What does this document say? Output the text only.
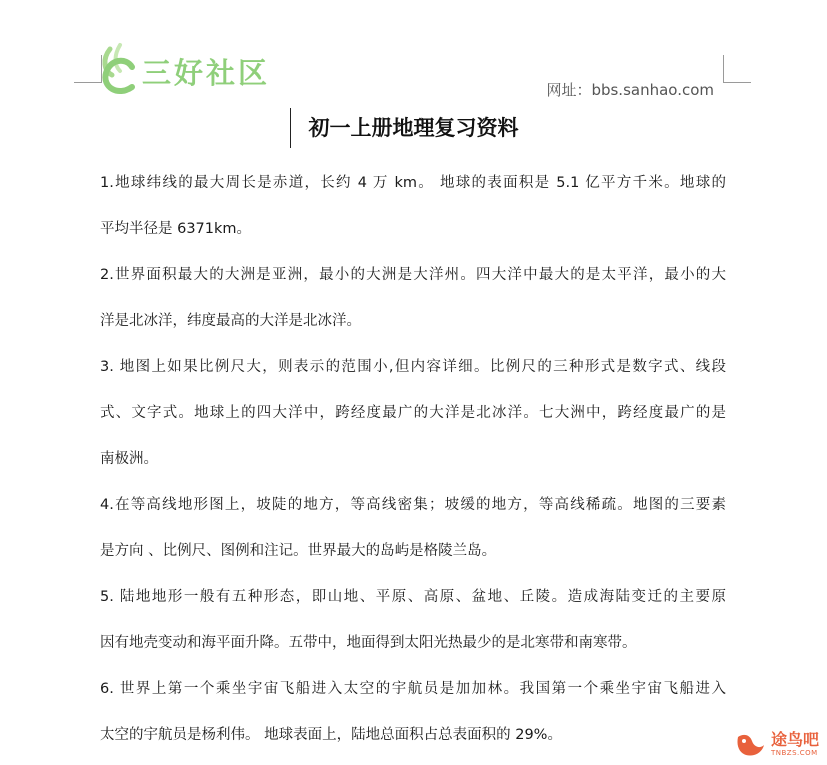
三好社区
网址：bbs.sanhao.com
初一上册地理复习资料

1.地球纬线的最大周长是赤道，长约 4 万 km。 地球的表面积是 5.1 亿平方千米。地球的

平均半径是 6371km。

2.世界面积最大的大洲是亚洲，最小的大洲是大洋州。四大洋中最大的是太平洋，最小的大

洋是北冰洋，纬度最高的大洋是北冰洋。

3. 地图上如果比例尺大，则表示的范围小,但内容详细。比例尺的三种形式是数字式、线段

式、文字式。地球上的四大洋中，跨经度最广的大洋是北冰洋。七大洲中，跨经度最广的是

南极洲。

4.在等高线地形图上，坡陡的地方，等高线密集；坡缓的地方，等高线稀疏。地图的三要素

是方向 、比例尺、图例和注记。世界最大的岛屿是格陵兰岛。

5. 陆地地形一般有五种形态，即山地、平原、高原、盆地、丘陵。造成海陆变迁的主要原

因有地壳变动和海平面升降。五带中，地面得到太阳光热最少的是北寒带和南寒带。

6. 世界上第一个乘坐宇宙飞船进入太空的宇航员是加加林。我国第一个乘坐宇宙飞船进入

太空的宇航员是杨利伟。 地球表面上，陆地总面积占总表面积的 29%。	途鸟吧
TNBZS.COM
